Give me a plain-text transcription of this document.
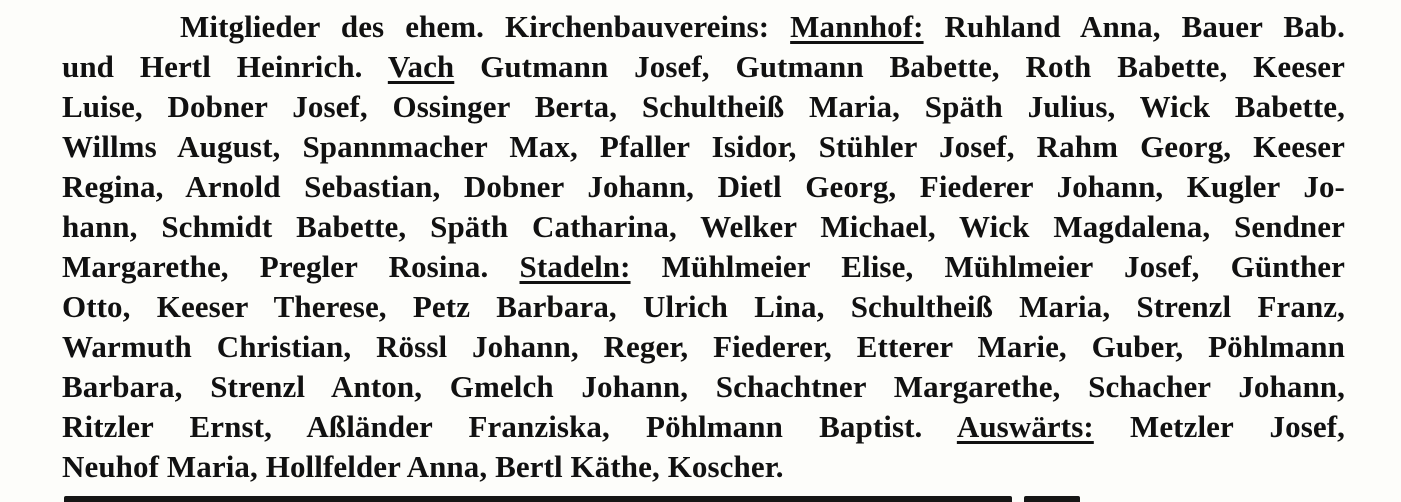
Mitglieder des ehem. Kirchenbauvereins: Mannhof: Ruhland Anna, Bauer Bab.
und Hertl Heinrich. Vach Gutmann Josef, Gutmann Babette, Roth Babette, Keeser
Luise, Dobner Josef, Ossinger Berta, Schultheiß Maria, Späth Julius, Wick Babette,
Willms August, Spannmacher Max, Pfaller Isidor, Stühler Josef, Rahm Georg, Keeser
Regina, Arnold Sebastian, Dobner Johann, Dietl Georg, Fiederer Johann, Kugler Jo-
hann, Schmidt Babette, Späth Catharina, Welker Michael, Wick Magdalena, Sendner
Margarethe, Pregler Rosina. Stadeln: Mühlmeier Elise, Mühlmeier Josef, Günther
Otto, Keeser Therese, Petz Barbara, Ulrich Lina, Schultheiß Maria, Strenzl Franz,
Warmuth Christian, Rössl Johann, Reger, Fiederer, Etterer Marie, Guber, Pöhlmann
Barbara, Strenzl Anton, Gmelch Johann, Schachtner Margarethe, Schacher Johann,
Ritzler Ernst, Aßländer Franziska, Pöhlmann Baptist. Auswärts: Metzler Josef,
Neuhof Maria, Hollfelder Anna, Bertl Käthe, Koscher.
